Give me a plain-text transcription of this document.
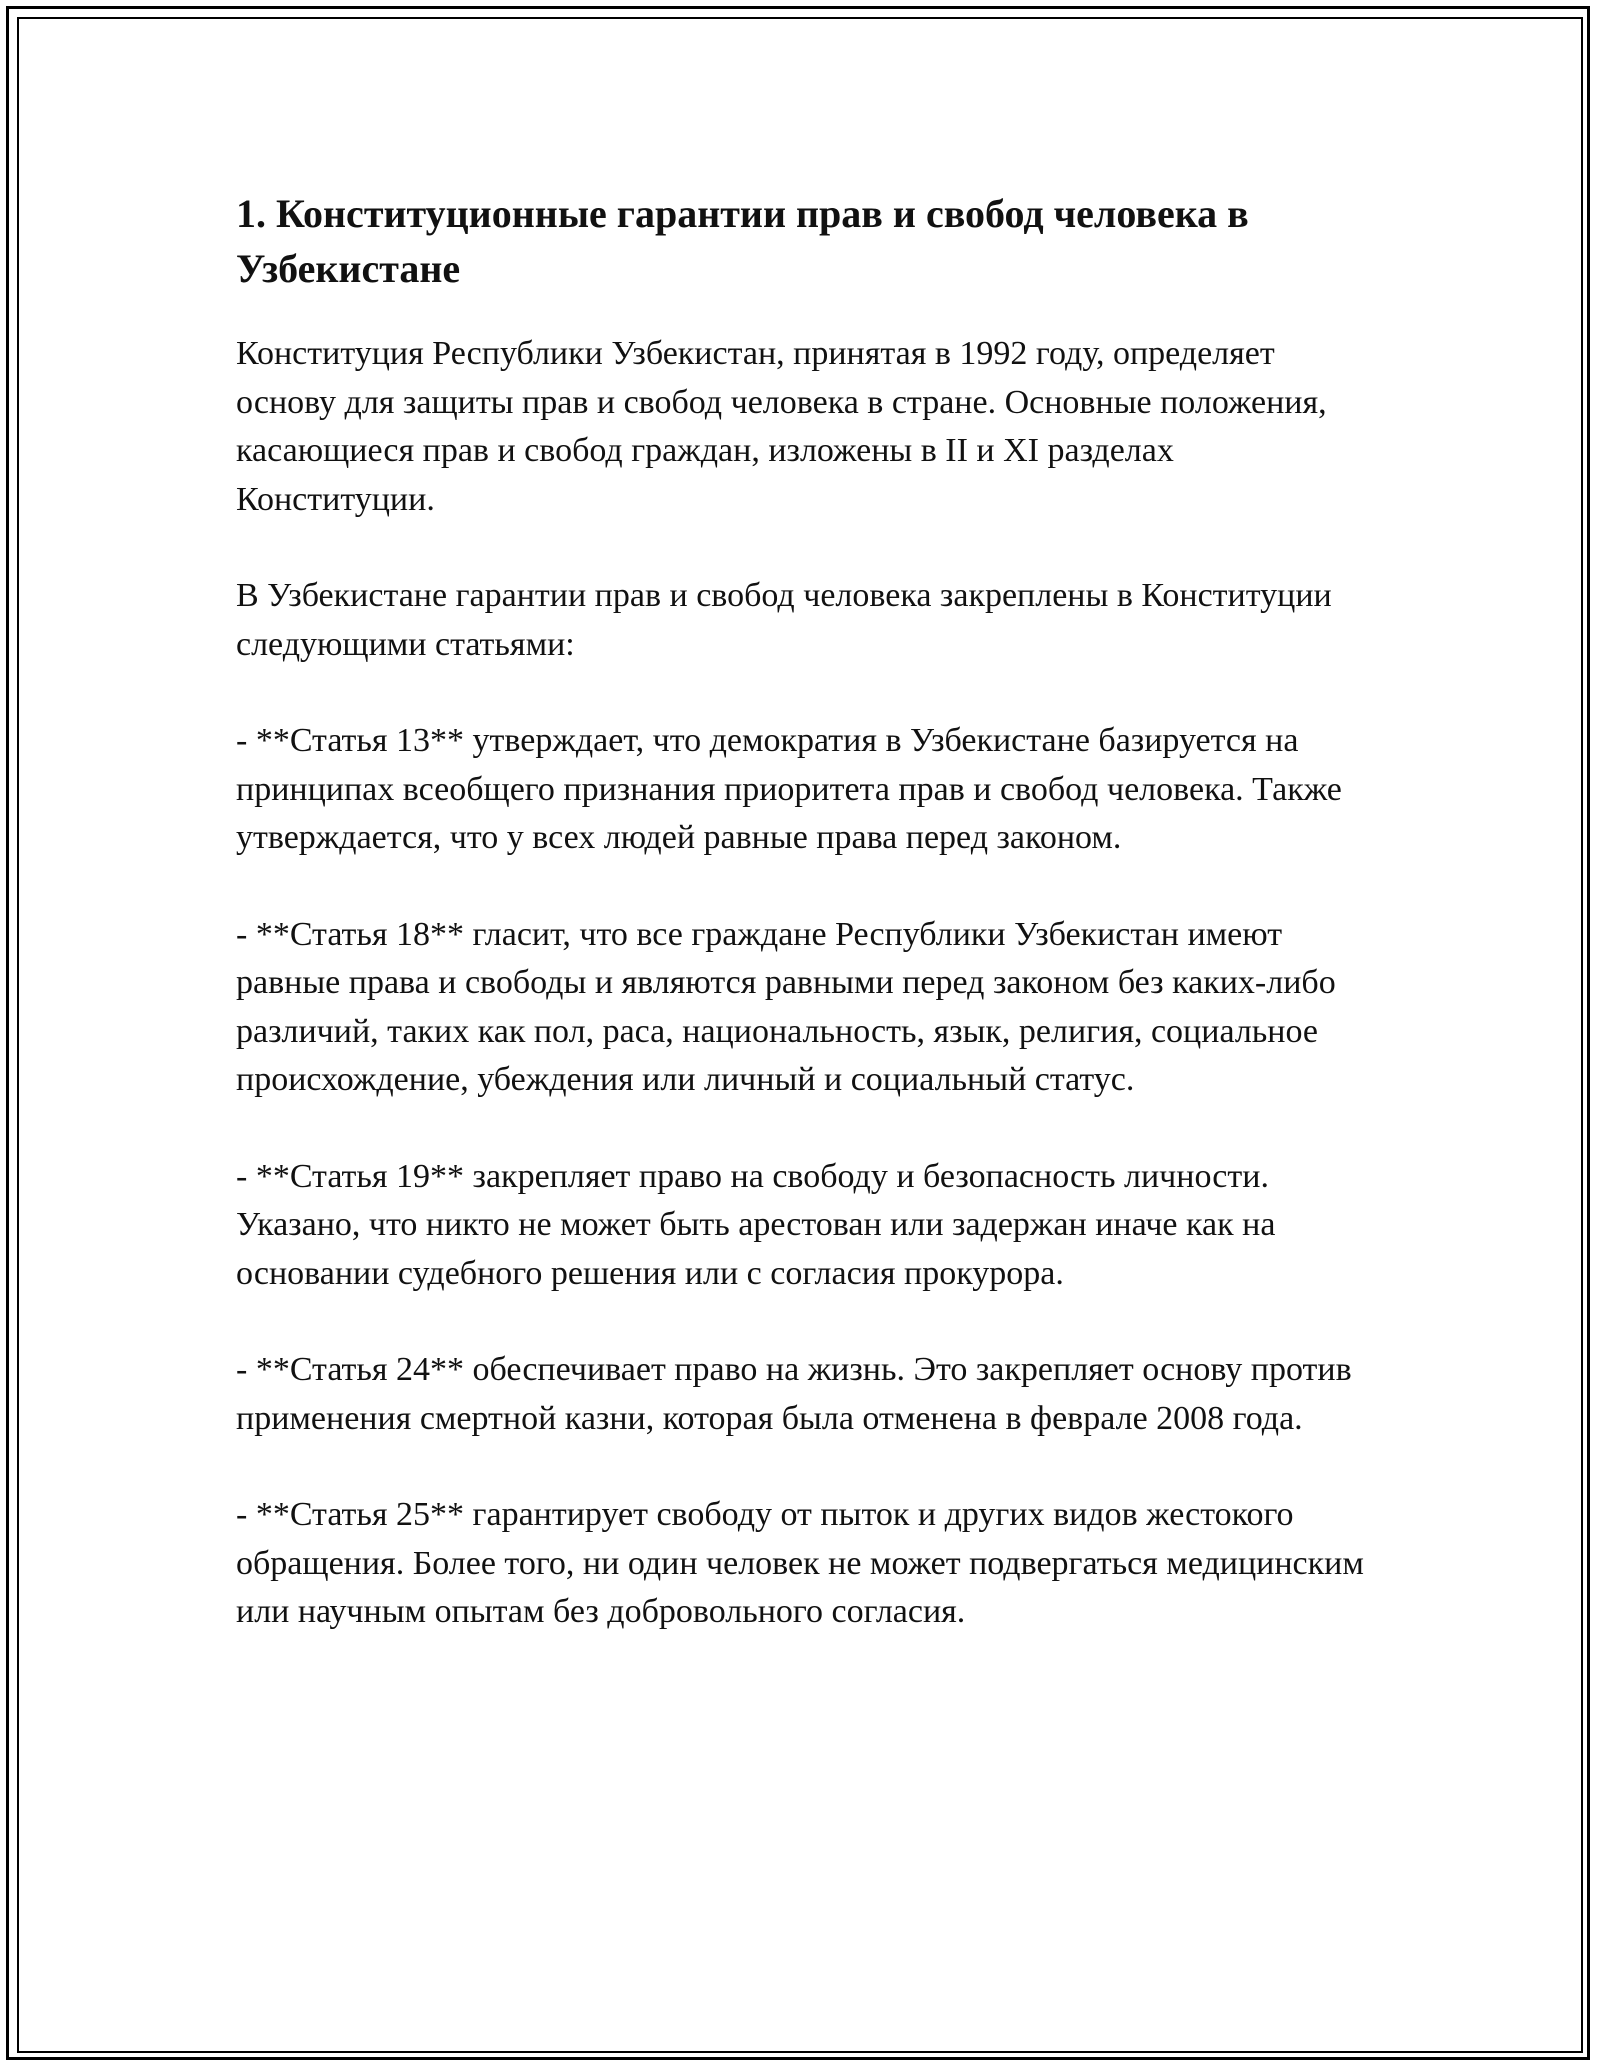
1. Конституционные гарантии прав и свобод человека в Узбекистане

Конституция Республики Узбекистан, принятая в 1992 году, определяет основу для защиты прав и свобод человека в стране. Основные положения, касающиеся прав и свобод граждан, изложены в II и XI разделах Конституции.

В Узбекистане гарантии прав и свобод человека закреплены в Конституции следующими статьями:

- **Статья 13** утверждает, что демократия в Узбекистане базируется на принципах всеобщего признания приоритета прав и свобод человека. Также утверждается, что у всех людей равные права перед законом.

- **Статья 18** гласит, что все граждане Республики Узбекистан имеют равные права и свободы и являются равными перед законом без каких-либо различий, таких как пол, раса, национальность, язык, религия, социальное происхождение, убеждения или личный и социальный статус.

- **Статья 19** закрепляет право на свободу и безопасность личности. Указано, что никто не может быть арестован или задержан иначе как на основании судебного решения или с согласия прокурора.

- **Статья 24** обеспечивает право на жизнь. Это закрепляет основу против применения смертной казни, которая была отменена в феврале 2008 года.

- **Статья 25** гарантирует свободу от пыток и других видов жестокого обращения. Более того, ни один человек не может подвергаться медицинским или научным опытам без добровольного согласия.
